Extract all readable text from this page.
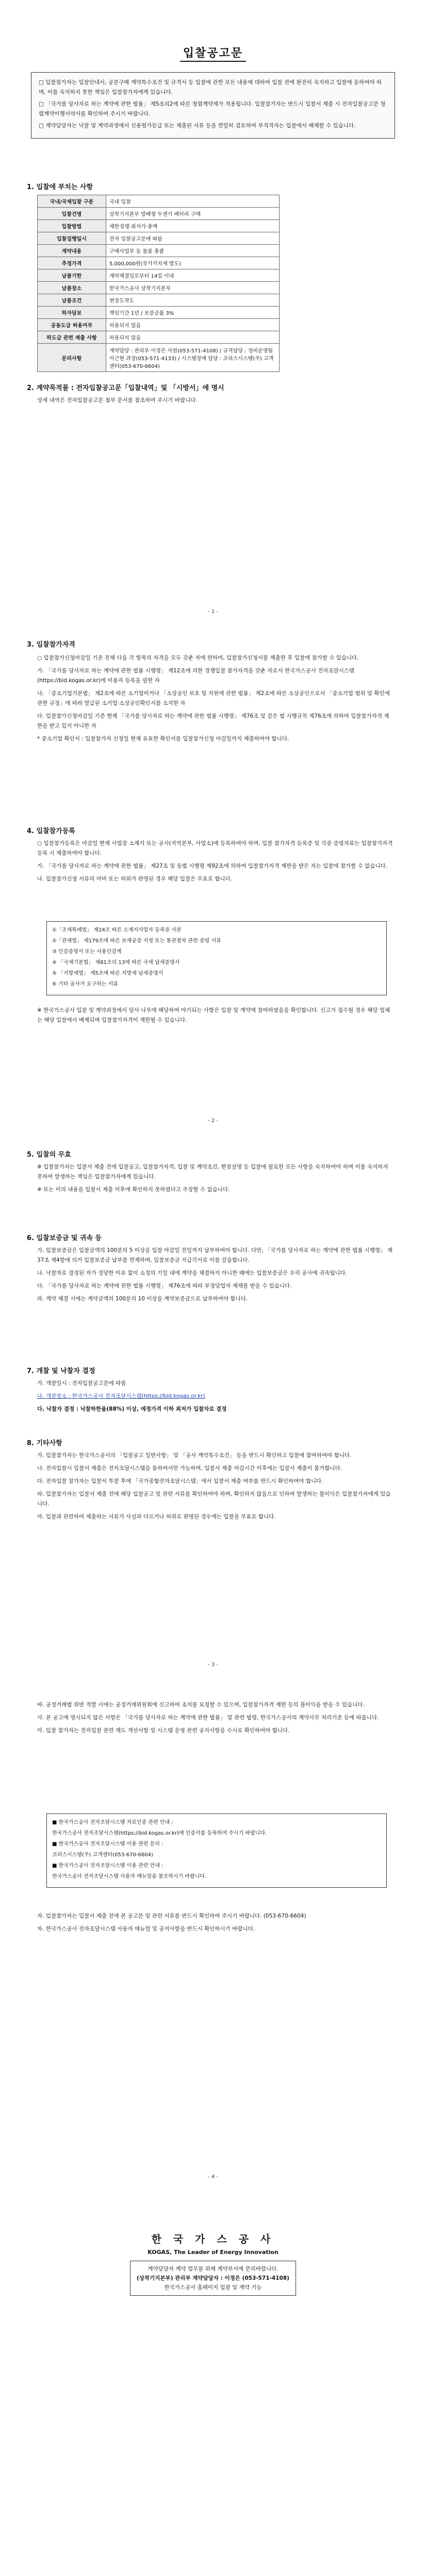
입찰공고문

□ 입찰참가자는 입찰안내서, 공문구매 계약특수조건 및 규격서 등 입찰에 관한 모든 내용에 대하여 입찰 전에 완전히 숙지하고 입찰에 응하여야 하며, 이를 숙지하지 못한 책임은 입찰참가자에게 있습니다.

□ 「국가를 당사자로 하는 계약에 관한 법률」 제5조의2에 따른 청렴계약제가 적용됩니다. 입찰참가자는 반드시 입찰서 제출 시 전자입찰공고문 청렴계약이행서약서를 확인하여 주시기 바랍니다.

□ 계약담당자는 낙찰 및 계약과정에서 신용평가등급 또는 제출된 서류 등을 면밀히 검토하여 부적격자는 입찰에서 배제할 수 있습니다.

1. 입찰에 부치는 사항
국내/국제입찰 구분	국내 입찰
입찰건명	상착기지본부 방폐형 두센기 베터리 구매
입찰방법	제한경쟁·최저가·총액
입찰집행일시	전자 입찰공고문에 따름
계약내용	구매사업부 등 물품 총괄
추정가격	5,000,000원(부가가치세 별도)
납품기한	계약체결일로부터 14일 이내
납품장소	한국가스공사 상착기지본부
납품조건	현장도착도
하자담보	책임기간 1년 / 보증금률 3%
공동도급 허용여부	허용되지 않음
하도급 관련 제출 사항	허용되지 않음
문의사항	계약담당 : 관리부 이정은 사원(053-571-4108) / 규격담당 : 정비운영팀 이근현 과장(053-571-4133) / 시스템장애 담당 : 코리스시스템(주) 고객센터(053-670-6604)
2. 계약목적물 : 전자입찰공고문「입찰내역」및 「시방서」에 명시

상세 내역은 전자입찰공고문 첨부 문서를 참조하여 주시기 바랍니다.

- 1 -
3. 입찰참가자격

○ 입찰참가신청마감일 기준 전체 다음 각 항목의 자격을 모두 갖춘 자에 한하여, 입찰참가신청서를 제출한 후 입찰에 참가할 수 있습니다.

가. 「국가를 당사자로 하는 계약에 관한 법률 시행령」 제12조에 의한 경쟁입찰 참가자격을 갖춘 자로서 한국가스공사 전자조달시스템(https://bid.kogas.or.kr)에 이용자 등록을 필한 자

나. 「중소기업기본법」 제2조에 따른 소기업이거나 「소상공인 보호 및 지원에 관한 법률」 제2조에 따른 소상공인으로서 「중소기업 범위 및 확인에 관한 규정」에 따라 발급된 소기업·소상공인확인서를 소지한 자

다. 입찰참가신청마감일 기준 현재 「국가를 당사자로 하는 계약에 관한 법률 시행령」 제76조 및 같은 법 시행규칙 제76조에 의하여 입찰참가자격 제한을 받고 있지 아니한 자

* 중소기업 확인서 : 입찰참가자 신청일 현재 유효한 확인서를 입찰참가신청 마감일까지 제출하여야 합니다.

4. 입찰참가등록

○ 입찰참가등록은 마감일 현재 사업장 소재지 또는 공사(지역본부, 사업소)에 등록하여야 하며, 입찰 참가자격 등록증 및 각종 증빙자료는 입찰참가자격 등록 시 제출하여야 합니다.

가. 「국가를 당사자로 하는 계약에 관한 법률」 제27조 및 동법 시행령 제92조에 의하여 입찰참가자격 제한을 받은 자는 입찰에 참가할 수 없습니다.

나. 입찰참가신청 서류의 미비 또는 허위가 판명된 경우 해당 입찰은 무효로 합니다.

①「조세특례법」 제24조 따른 소재지사업자 등록증 사본

②「관세법」 제179조에 따른 보세공장 지정 또는 통관절차 관련 증빙 서류

③ 인감증명서 또는 사용인감계

④ 「국세기본법」 제81조의 13에 따른 국세 납세증명서

⑤ 「지방세법」 제5조에 따른 지방세 납세증명서

⑥ 기타 공사가 요구하는 서류

※ 한국가스공사 입찰 및 계약과정에서 당사 나무에 해당하여 야기되는 사항은 입찰 및 계약에 참여하였음을 확인합니다. 신고가 접수될 경우 해당 업체는 해당 입찰에서 배제되며 입찰참가자격이 제한될 수 있습니다.

- 2 -
5. 입찰의 무효

※ 입찰참가자는 입찰서 제출 전에 입찰공고, 입찰참가자격, 입찰 및 계약조건, 현장설명 등 입찰에 필요한 모든 사항을 숙지하여야 하며 이를 숙지하지 못하여 발생하는 책임은 입찰참가자에게 있습니다.

※ 또는 이의 내용을 입찰서 제출 이후에 확인하지 못하였다고 주장할 수 없습니다.

6. 입찰보증금 및 귀속 등

가. 입찰보증금은 입찰금액의 100분의 5 이상을 입찰 마감일 전일까지 납부하여야 합니다. 다만, 「국가를 당사자로 하는 계약에 관한 법률 시행령」 제37조 제4항에 의거 입찰보증금 납부를 면제하며, 입찰보증금 지급각서로 이를 갈음합니다.

나. 낙찰자로 결정된 자가 정당한 이유 없이 소정의 기일 내에 계약을 체결하지 아니한 때에는 입찰보증금은 우리 공사에 귀속됩니다.

다. 「국가를 당사자로 하는 계약에 관한 법률 시행령」 제76조에 따라 부정당업자 제재를 받을 수 있습니다.

라. 계약 체결 시에는 계약금액의 100분의 10 이상을 계약보증금으로 납부하여야 합니다.

7. 개찰 및 낙찰자 결정

가. 개찰일시 : 전자입찰공고문에 따름

나. 개찰장소 : 한국가스공사 전자조달시스템(https://bid.kogas.or.kr)

다. 낙찰자 결정 : 낙찰하한율(88%) 이상, 예정가격 이하 최저가 입찰자로 결정

8. 기타사항

가. 입찰참가자는 한국가스공사의 「입찰공고 일반사항」 및 「공사 계약특수조건」 등을 반드시 확인하고 입찰에 참여하여야 합니다.

나. 전자입찰시 입찰서 제출은 전자조달시스템을 통하여서만 가능하며, 입찰서 제출 마감시간 이후에는 입찰서 제출이 불가합니다.

다. 전자입찰 참가자는 입찰서 투찰 후에 「국가종합전자조달시스템」에서 입찰서 제출 여부를 반드시 확인하여야 합니다.

라. 입찰참가자는 입찰서 제출 전에 해당 입찰공고 및 관련 서류를 확인하여야 하며, 확인하지 않음으로 인하여 발생하는 불이익은 입찰참가자에게 있습니다.

마. 입찰과 관련하여 제출하는 서류가 사실과 다르거나 허위로 판명된 경우에는 입찰을 무효로 합니다.

- 3 -

바. 공정거래법 위반 적발 시에는 공정거래위원회에 신고하여 조치를 요청할 수 있으며, 입찰참가자격 제한 등의 불이익을 받을 수 있습니다.

사. 본 공고에 명시되지 않은 사항은 「국가를 당사자로 하는 계약에 관한 법률」 및 관련 법령, 한국가스공사의 계약사무 처리기준 등에 따릅니다.

아. 입찰 참가자는 전자입찰 관련 제도 개선사항 및 시스템 운영 관련 공지사항을 수시로 확인하여야 합니다.

■ 한국가스공사 전자조달시스템 자료인증 관련 안내 :

한국가스공사 전자조달시스템(https://bid.kogas.or.kr)에 인증서를 등록하여 주시기 바랍니다.

■ 한국가스공사 전자조달시스템 이용 관련 문의 :

코리스시스템(주) 고객센터(053-670-6604)

■ 한국가스공사 전자조달시스템 이용 관련 안내 :

한국가스공사 전자조달시스템 사용자 매뉴얼을 참조하시기 바랍니다.

자. 입찰참가자는 입찰서 제출 전에 본 공고문 및 관련 서류를 반드시 확인하여 주시기 바랍니다. (053-670-6604)

차. 한국가스공사 전자조달시스템 사용자 매뉴얼 및 공지사항을 반드시 확인하시기 바랍니다.

- 4 -
한 국 가 스 공 사
KOGAS, The Leader of Energy Innovation
계약담당자 계약 업무를 위해 계약부서에 문의바랍니다.
(상착기지본부) 관리부 계약담당자 : 이정은 (053-571-4108)
한국가스공사 홈페이지 입찰 및 계약 기능
